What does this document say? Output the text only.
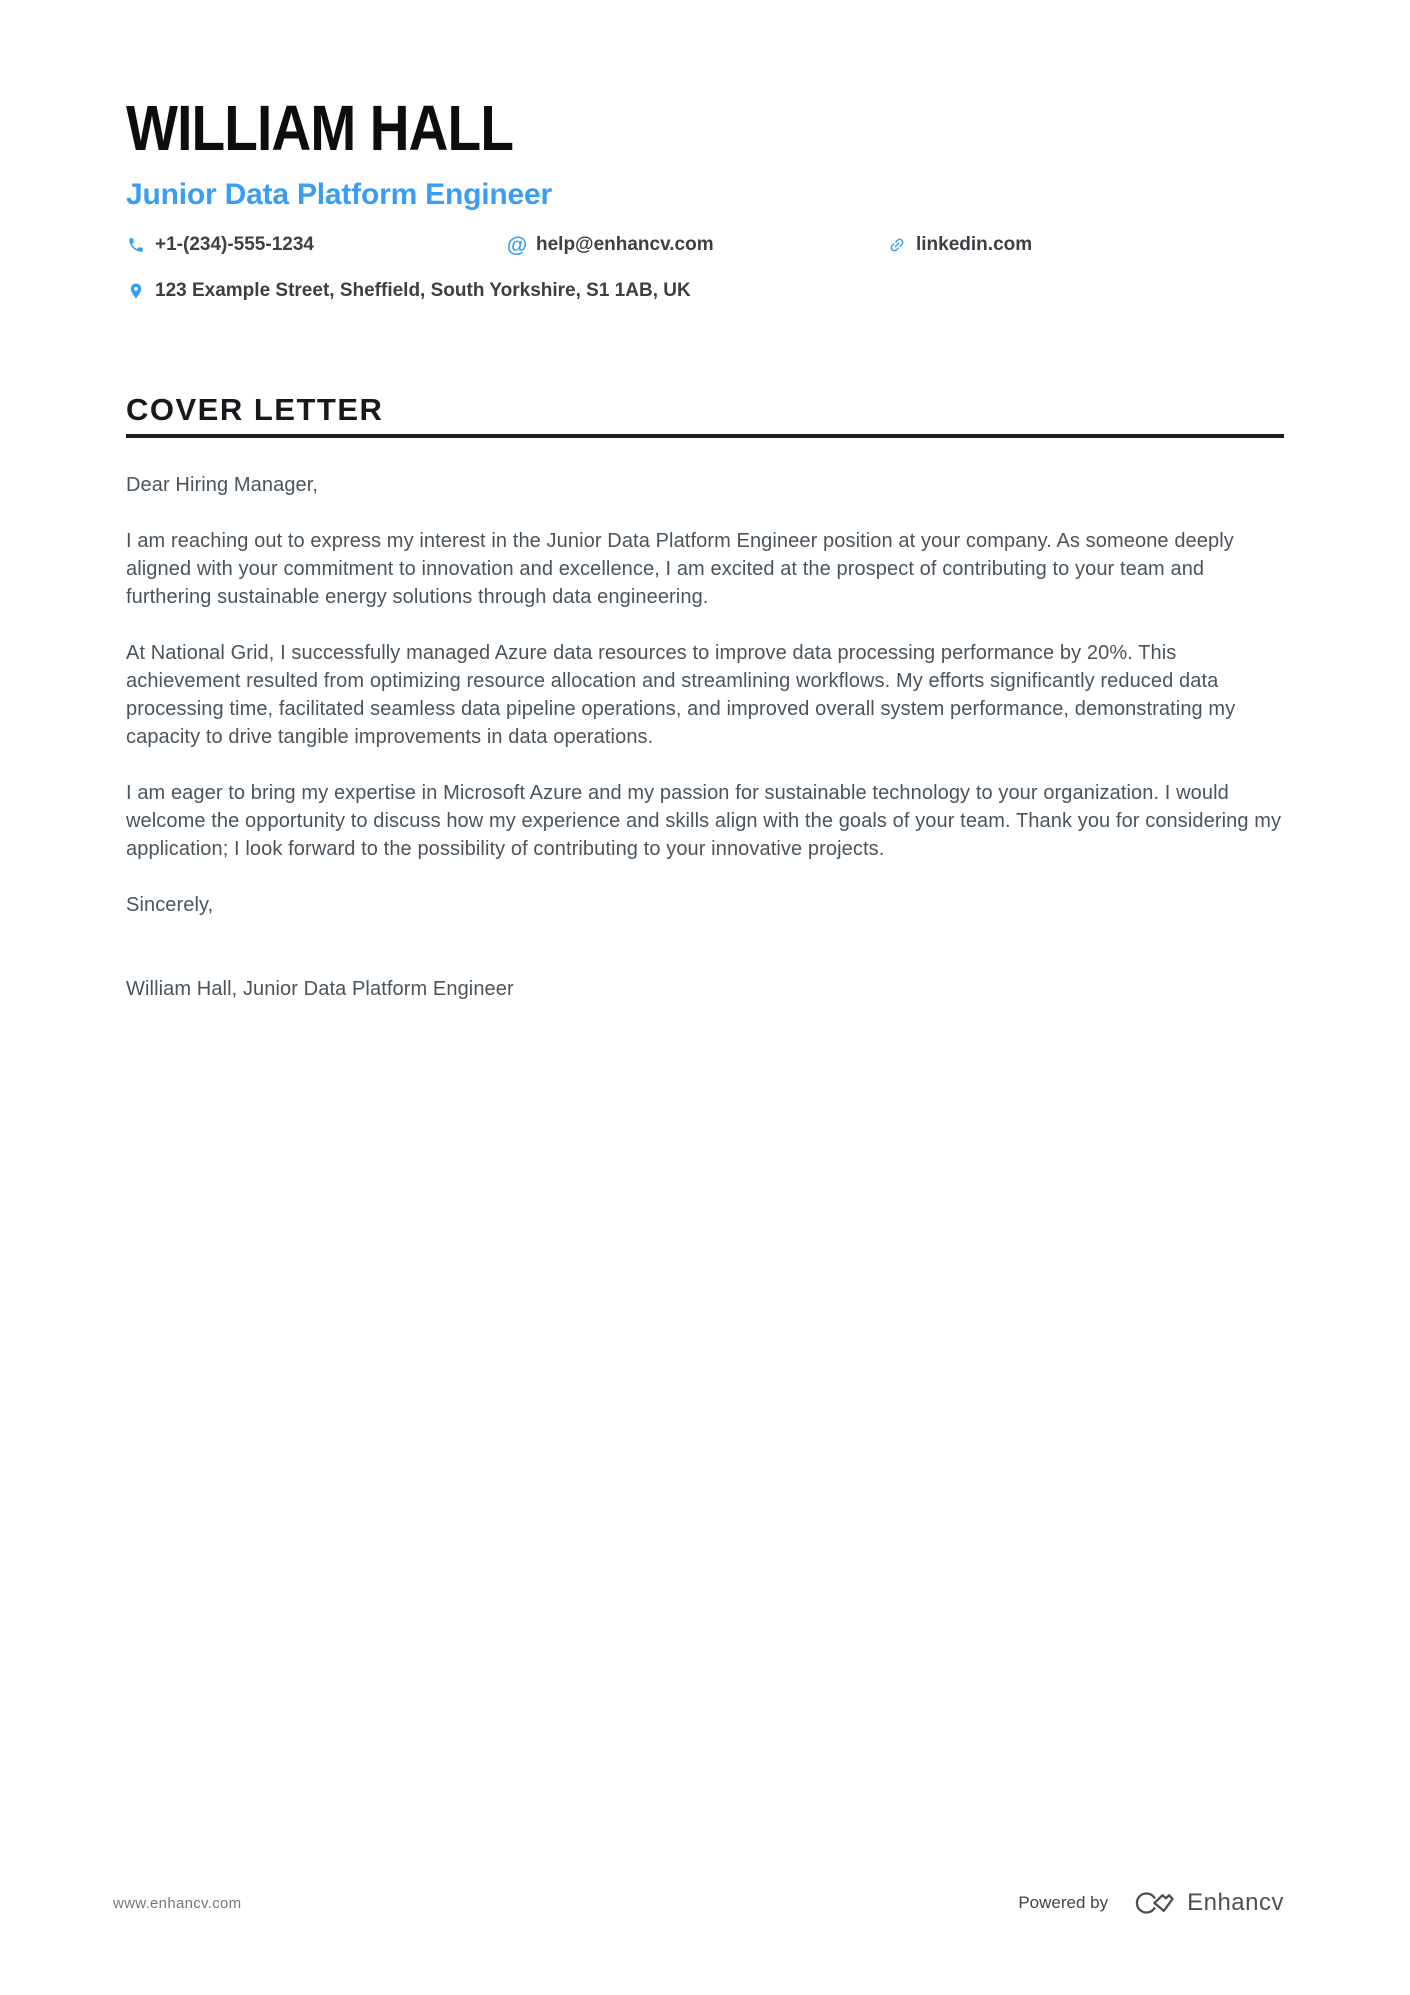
WILLIAM HALL
Junior Data Platform Engineer
+1-(234)-555-1234	@ help@enhancv.com	linkedin.com
123 Example Street, Sheffield, South Yorkshire, S1 1AB, UK
COVER LETTER

Dear Hiring Manager,

I am reaching out to express my interest in the Junior Data Platform Engineer position at your company. As someone deeply aligned with your commitment to innovation and excellence, I am excited at the prospect of contributing to your team and furthering sustainable energy solutions through data engineering.

At National Grid, I successfully managed Azure data resources to improve data processing performance by 20%. This achievement resulted from optimizing resource allocation and streamlining workflows. My efforts significantly reduced data processing time, facilitated seamless data pipeline operations, and improved overall system performance, demonstrating my capacity to drive tangible improvements in data operations.

I am eager to bring my expertise in Microsoft Azure and my passion for sustainable technology to your organization. I would welcome the opportunity to discuss how my experience and skills align with the goals of your team. Thank you for considering my application; I look forward to the possibility of contributing to your innovative projects.

Sincerely,

William Hall, Junior Data Platform Engineer

www.enhancv.com	Powered by	Enhancv
